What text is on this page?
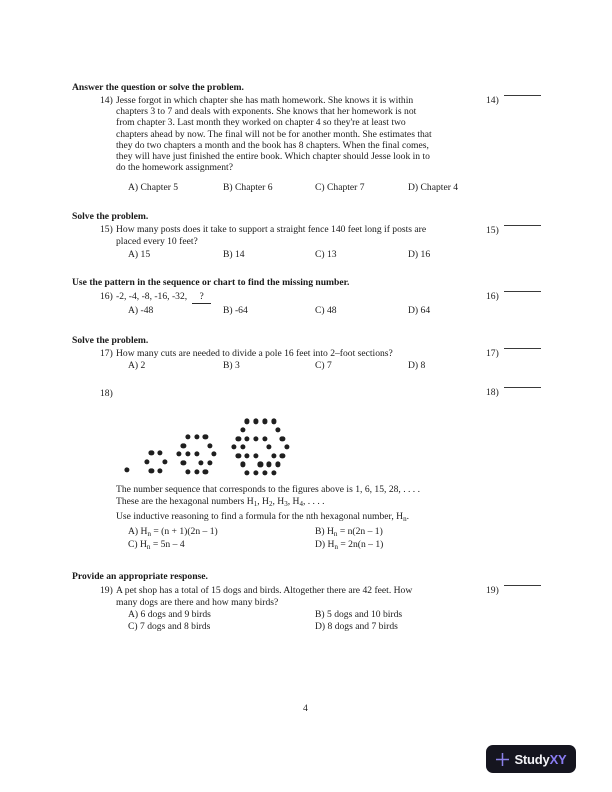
Answer the question or solve the problem.
14) Jesse forgot in which chapter she has math homework. She knows it is within
chapters 3 to 7 and deals with exponents. She knows that her homework is not
from chapter 3. Last month they worked on chapter 4 so they're at least two
chapters ahead by now. The final will not be for another month. She estimates that
they do two chapters a month and the book has 8 chapters. When the final comes,
they will have just finished the entire book. Which chapter should Jesse look in to
do the homework assignment?
A) Chapter 5	B) Chapter 6	C) Chapter 7	D) Chapter 4
Solve the problem.
15) How many posts does it take to support a straight fence 140 feet long if posts are
placed every 10 feet?
A) 15	B) 14	C) 13	D) 16
Use the pattern in the sequence or chart to find the missing number.
16) -2, -4, -8, -16, -32, ?
A) -48	B) -64	C) 48	D) 64
Solve the problem.
17) How many cuts are needed to divide a pole 16 feet into 2–foot sections?
A) 2	B) 3	C) 7	D) 8
18)
The number sequence that corresponds to the figures above is 1, 6, 15, 28, . . . .
These are the hexagonal numbers $H_1$, $H_2$, $H_3$, $H_4$, . . . .
Use inductive reasoning to find a formula for the nth hexagonal number, $H_n$.
A) $H_n = (n + 1)(2n - 1)$	B) $H_n = n(2n - 1)$
C) $H_n = 5n - 4$	D) $H_n = 2n(n - 1)$
Provide an appropriate response.
19) A pet shop has a total of 15 dogs and birds. Altogether there are 42 feet. How
many dogs are there and how many birds?
A) 6 dogs and 9 birds	B) 5 dogs and 10 birds
C) 7 dogs and 8 birds	D) 8 dogs and 7 birds
14)
15)
16)
17)
18)
19)
4
StudyXY
